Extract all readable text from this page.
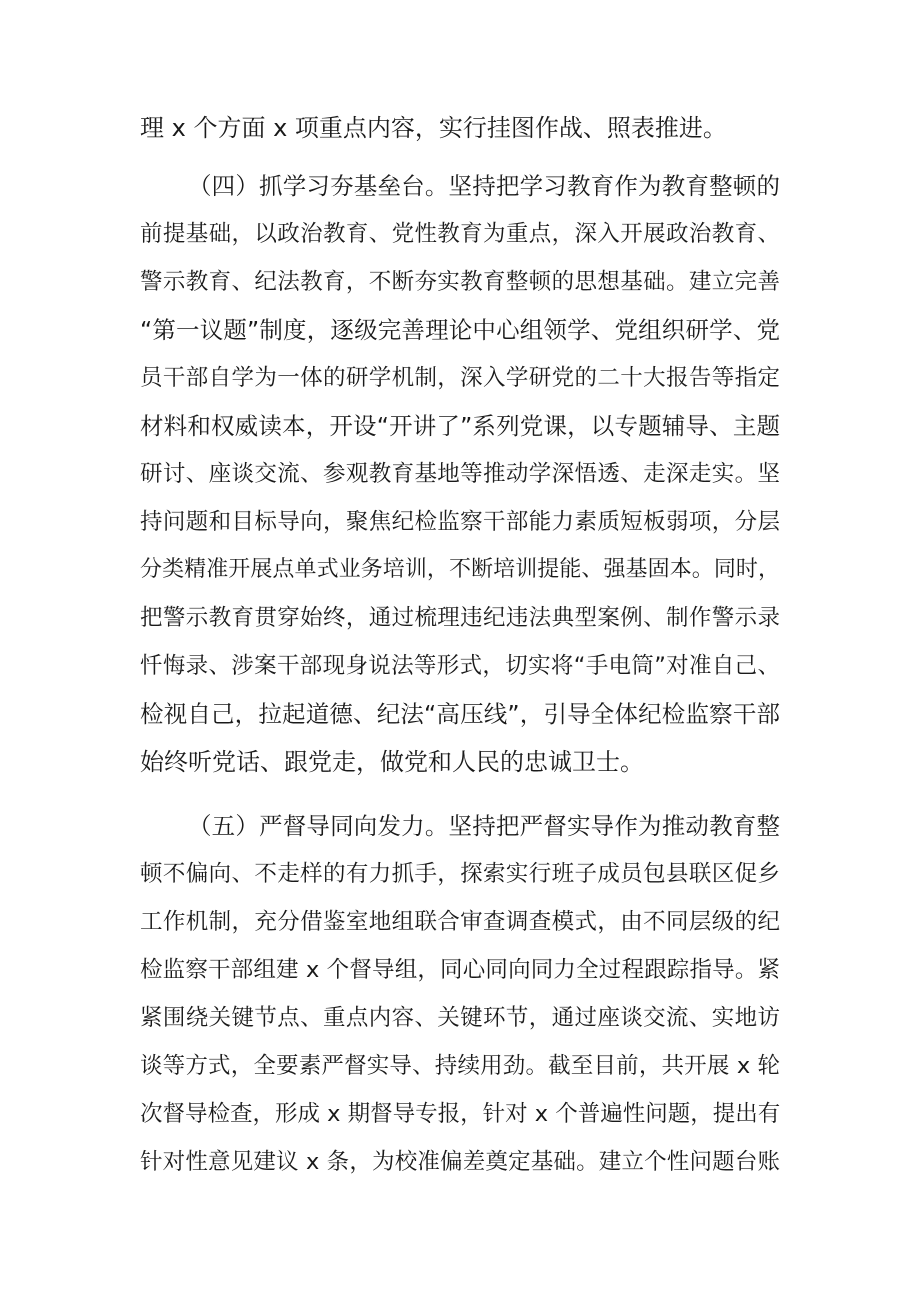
理 x 个方面 x 项重点内容，实行挂图作战、照表推进。
（四）抓学习夯基垒台。坚持把学习教育作为教育整顿的
前提基础，以政治教育、党性教育为重点，深入开展政治教育、
警示教育、纪法教育，不断夯实教育整顿的思想基础。建立完善
“第一议题”制度，逐级完善理论中心组领学、党组织研学、党
员干部自学为一体的研学机制，深入学研党的二十大报告等指定
材料和权威读本，开设“开讲了”系列党课，以专题辅导、主题
研讨、座谈交流、参观教育基地等推动学深悟透、走深走实。坚
持问题和目标导向，聚焦纪检监察干部能力素质短板弱项，分层
分类精准开展点单式业务培训，不断培训提能、强基固本。同时，
把警示教育贯穿始终，通过梳理违纪违法典型案例、制作警示录
忏悔录、涉案干部现身说法等形式，切实将“手电筒”对准自己、
检视自己，拉起道德、纪法“高压线”，引导全体纪检监察干部
始终听党话、跟党走，做党和人民的忠诚卫士。
（五）严督导同向发力。坚持把严督实导作为推动教育整
顿不偏向、不走样的有力抓手，探索实行班子成员包县联区促乡
工作机制，充分借鉴室地组联合审查调查模式，由不同层级的纪
检监察干部组建 x 个督导组，同心同向同力全过程跟踪指导。紧
紧围绕关键节点、重点内容、关键环节，通过座谈交流、实地访
谈等方式，全要素严督实导、持续用劲。截至目前，共开展 x 轮
次督导检查，形成 x 期督导专报，针对 x 个普遍性问题，提出有
针对性意见建议 x 条，为校准偏差奠定基础。建立个性问题台账
